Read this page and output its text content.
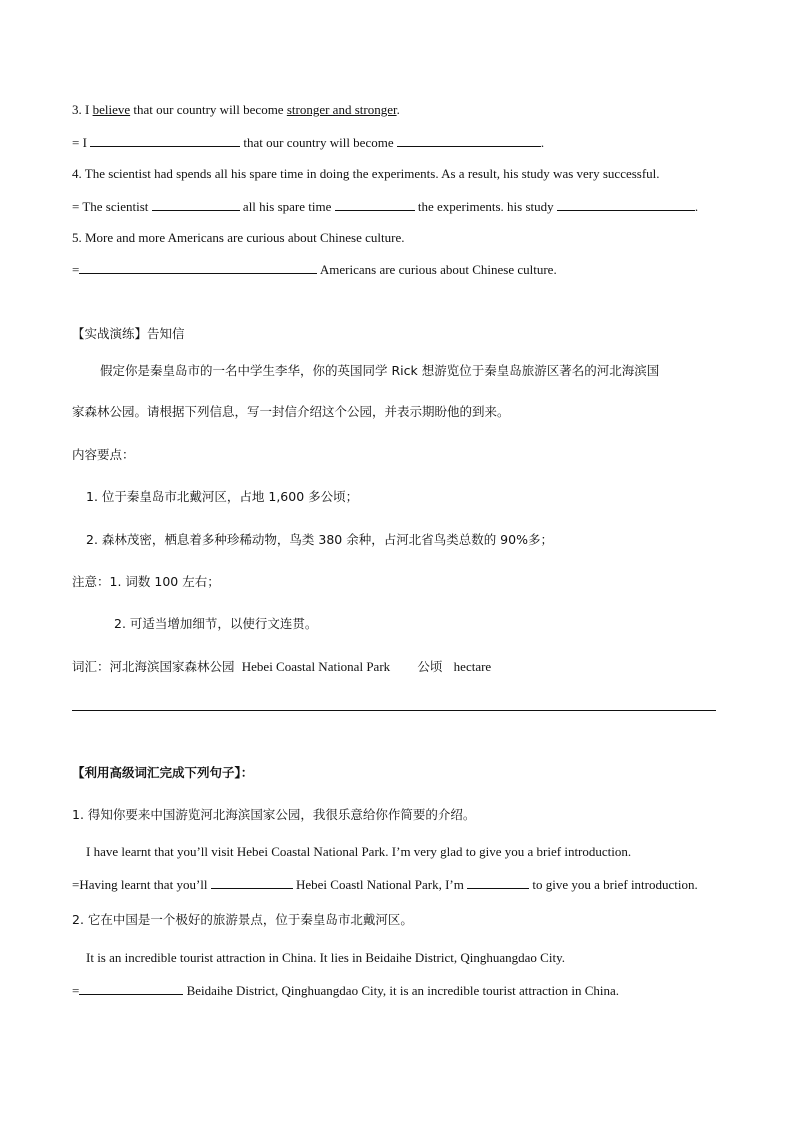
3. I believe that our country will become stronger and stronger.
= I	that our country will become	.
4. The scientist had spends all his spare time in doing the experiments. As a result, his study was very successful.
= The scientist	all his spare time	the experiments. his study	.
5. More and more Americans are curious about Chinese culture.
=	Americans are curious about Chinese culture.
【实战演练】告知信
假定你是秦皇岛市的一名中学生李华，你的英国同学 Rick 想游览位于秦皇岛旅游区著名的河北海滨国
家森林公园。请根据下列信息，写一封信介绍这个公园，并表示期盼他的到来。
内容要点：
1. 位于秦皇岛市北戴河区，占地 1,600 多公顷；
2. 森林茂密，栖息着多种珍稀动物，鸟类 380 余种，占河北省鸟类总数的 90%多；
注意：1. 词数 100 左右；
2. 可适当增加细节，以使行文连贯。
词汇：河北海滨国家森林公园 Hebei Coastal National Park 公顷 hectare
【利用高级词汇完成下列句子】：
1. 得知你要来中国游览河北海滨国家公园，我很乐意给你作简要的介绍。
I have learnt that you’ll visit Hebei Coastal National Park. I’m very glad to give you a brief introduction.
=Having learnt that you’ll	Hebei Coastl National Park, I’m	to give you a brief introduction.
2. 它在中国是一个极好的旅游景点，位于秦皇岛市北戴河区。
It is an incredible tourist attraction in China. It lies in Beidaihe District, Qinghuangdao City.
=	Beidaihe District, Qinghuangdao City, it is an incredible tourist attraction in China.
